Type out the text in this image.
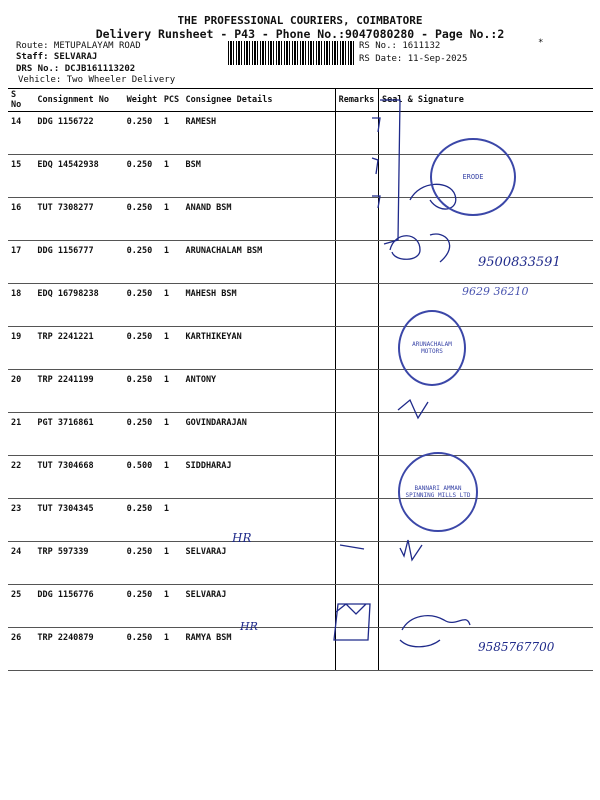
THE PROFESSIONAL COURIERS, COIMBATORE
Delivery Runsheet - P43 - Phone No.:9047080280 - Page No.:2
Route: METUPALAYAM ROAD
Staff: SELVARAJ
DRS No.: DCJB161113202
Vehicle: Two Wheeler Delivery
RS No.: 1611132
RS Date: 11-Sep-2025
*
S No	Consignment No	Weight	PCS	Consignee Details	Remarks	Seal & Signature
14	DDG 1156722	0.250	1	RAMESH		
15	EDQ 14542938	0.250	1	BSM		
16	TUT 7308277	0.250	1	ANAND BSM		
17	DDG 1156777	0.250	1	ARUNACHALAM BSM		
18	EDQ 16798238	0.250	1	MAHESH BSM		
19	TRP 2241221	0.250	1	KARTHIKEYAN		
20	TRP 2241199	0.250	1	ANTONY		
21	PGT 3716861	0.250	1	GOVINDARAJAN		
22	TUT 7304668	0.500	1	SIDDHARAJ		
23	TUT 7304345	0.250	1			
24	TRP 597339	0.250	1	SELVARAJ		
25	DDG 1156776	0.250	1	SELVARAJ		
26	TRP 2240879	0.250	1	RAMYA BSM		
9500833591
9629 36210
9585767700
HR
HR
ERODE
ARUNACHALAM MOTORS
BANNARI AMMAN SPINNING MILLS LTD
